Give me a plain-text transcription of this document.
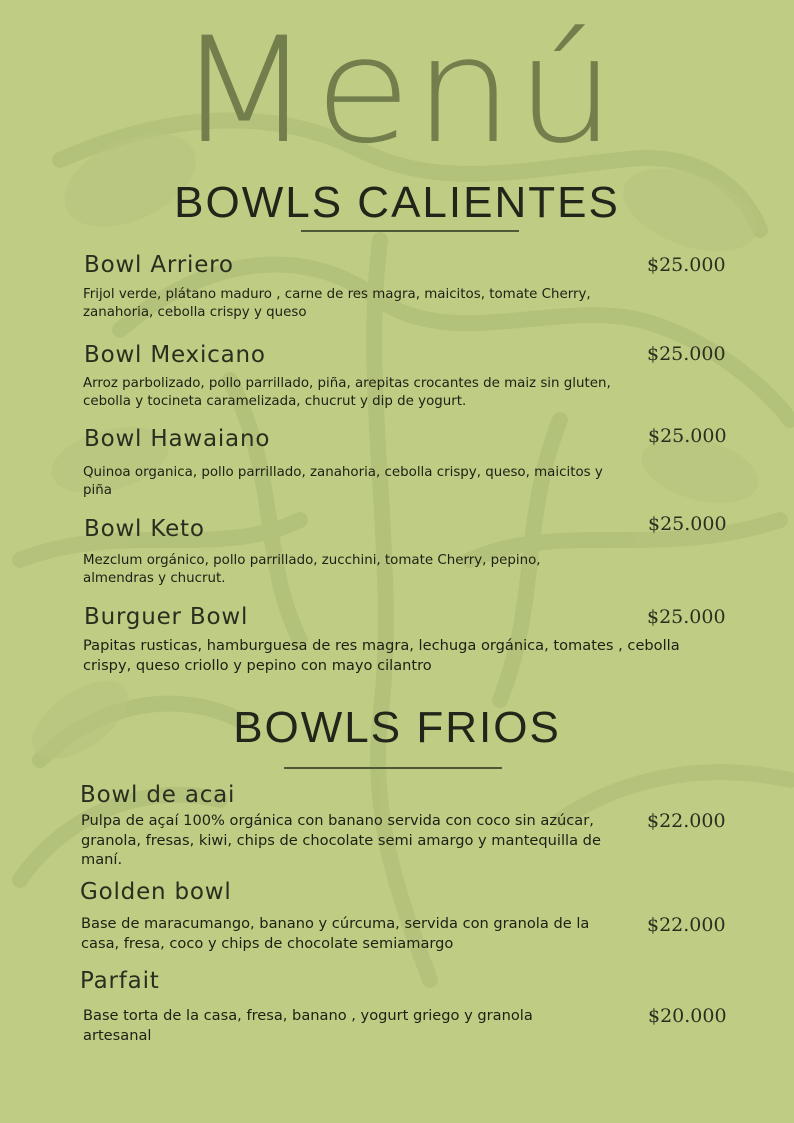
Menú
BOWLS CALIENTES
Bowl Arriero	$25.000
Frijol verde, plátano maduro , carne de res magra, maicitos, tomate Cherry, zanahoria, cebolla crispy y queso
Bowl Mexicano	$25.000
Arroz parbolizado, pollo parrillado, piña, arepitas crocantes de maiz sin gluten, cebolla y tocineta caramelizada, chucrut y dip de yogurt.
Bowl Hawaiano	$25.000
Quinoa organica, pollo parrillado, zanahoria, cebolla crispy, queso, maicitos y piña
Bowl Keto	$25.000
Mezclum orgánico, pollo parrillado, zucchini, tomate Cherry, pepino, almendras y chucrut.
Burguer Bowl	$25.000
Papitas rusticas, hamburguesa de res magra, lechuga orgánica, tomates , cebolla crispy, queso criollo y pepino con mayo cilantro
BOWLS FRIOS
Bowl de acai
$22.000
Pulpa de açaí 100% orgánica con banano servida con coco sin azúcar, granola, fresas, kiwi, chips de chocolate semi amargo y mantequilla de maní.
Golden bowl
$22.000
Base de maracumango, banano y cúrcuma, servida con granola de la casa, fresa, coco y chips de chocolate semiamargo
Parfait
$20.000
Base torta de la casa, fresa, banano , yogurt griego y granola artesanal
